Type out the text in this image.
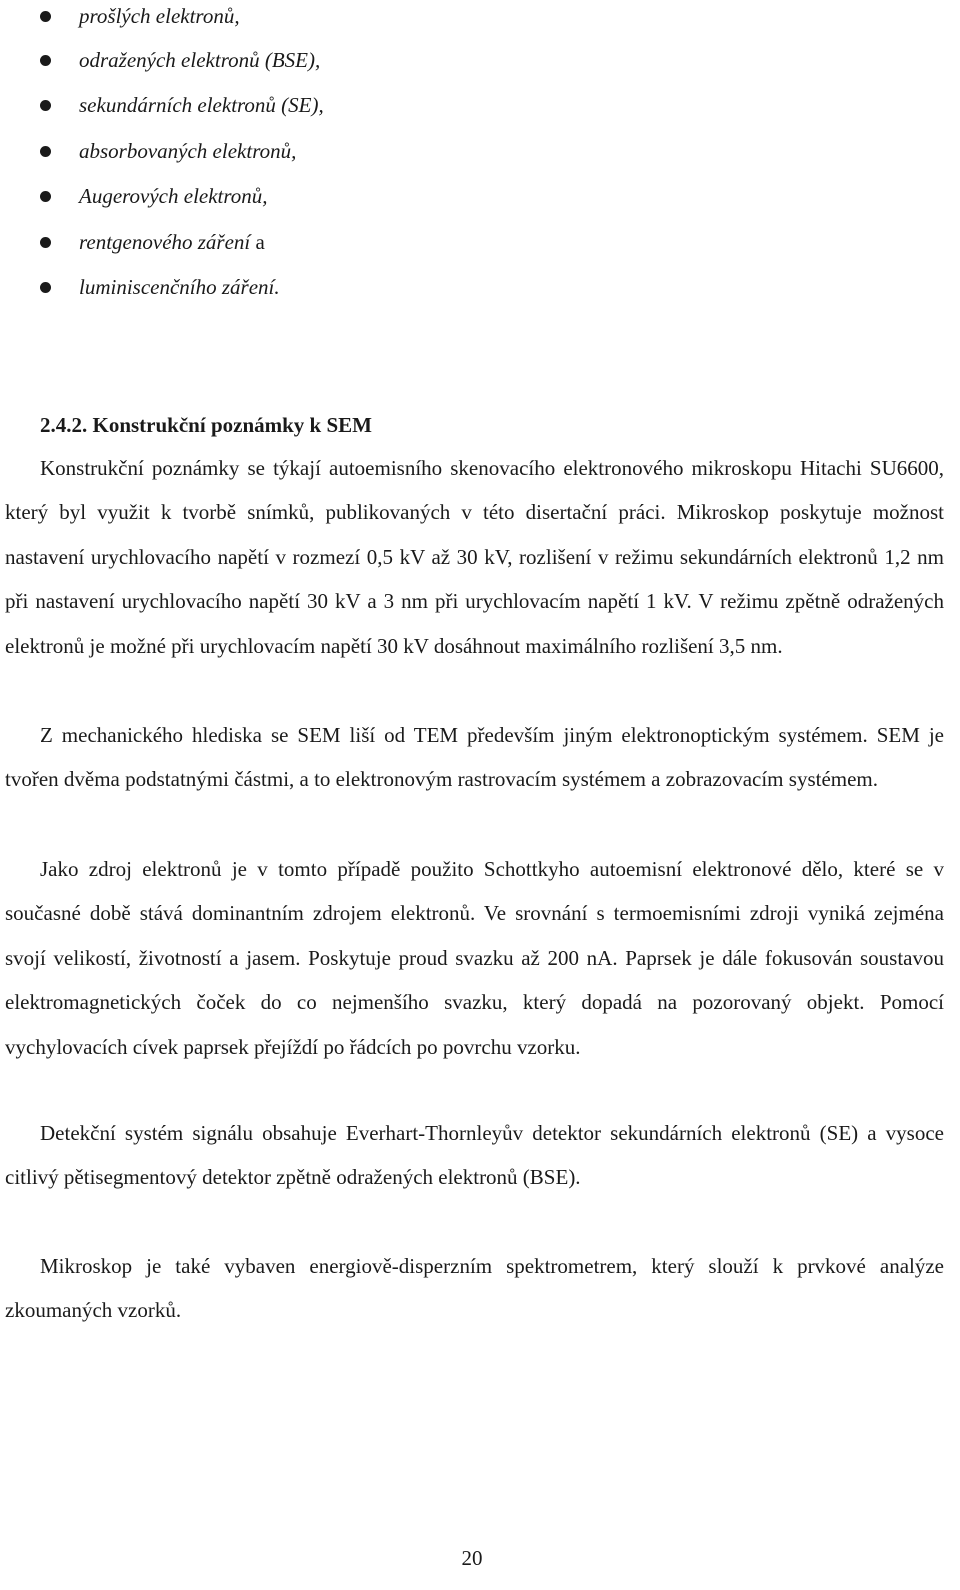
prošlých elektronů,
odražených elektronů (BSE),
sekundárních elektronů (SE),
absorbovaných elektronů,
Augerových elektronů,
rentgenového záření a
luminiscenčního záření.
2.4.2. Konstrukční poznámky k SEM

Konstrukční poznámky se týkají autoemisního skenovacího elektronového mikroskopu Hitachi SU6600, který byl využit k tvorbě snímků, publikovaných v této disertační práci. Mikroskop poskytuje možnost nastavení urychlovacího napětí v rozmezí 0,5 kV až 30 kV, rozlišení v režimu sekundárních elektronů 1,2 nm při nastavení urychlovacího napětí 30 kV a 3 nm při urychlovacím napětí 1 kV. V režimu zpětně odražených elektronů je možné při urychlovacím napětí 30 kV dosáhnout maximálního rozlišení 3,5 nm.

Z mechanického hlediska se SEM liší od TEM především jiným elektronoptickým systémem. SEM je tvořen dvěma podstatnými částmi, a to elektronovým rastrovacím systémem a zobrazovacím systémem.

Jako zdroj elektronů je v tomto případě použito Schottkyho autoemisní elektronové dělo, které se v současné době stává dominantním zdrojem elektronů. Ve srovnání s termoemisními zdroji vyniká zejména svojí velikostí, životností a jasem. Poskytuje proud svazku až 200 nA. Paprsek je dále fokusován soustavou elektromagnetických čoček do co nejmenšího svazku, který dopadá na pozorovaný objekt. Pomocí vychylovacích cívek paprsek přejíždí po řádcích po povrchu vzorku.

Detekční systém signálu obsahuje Everhart-Thornleyův detektor sekundárních elektronů (SE) a vysoce citlivý pětisegmentový detektor zpětně odražených elektronů (BSE).

Mikroskop je také vybaven energiově-disperzním spektrometrem, který slouží k prvkové analýze zkoumaných vzorků.

20
